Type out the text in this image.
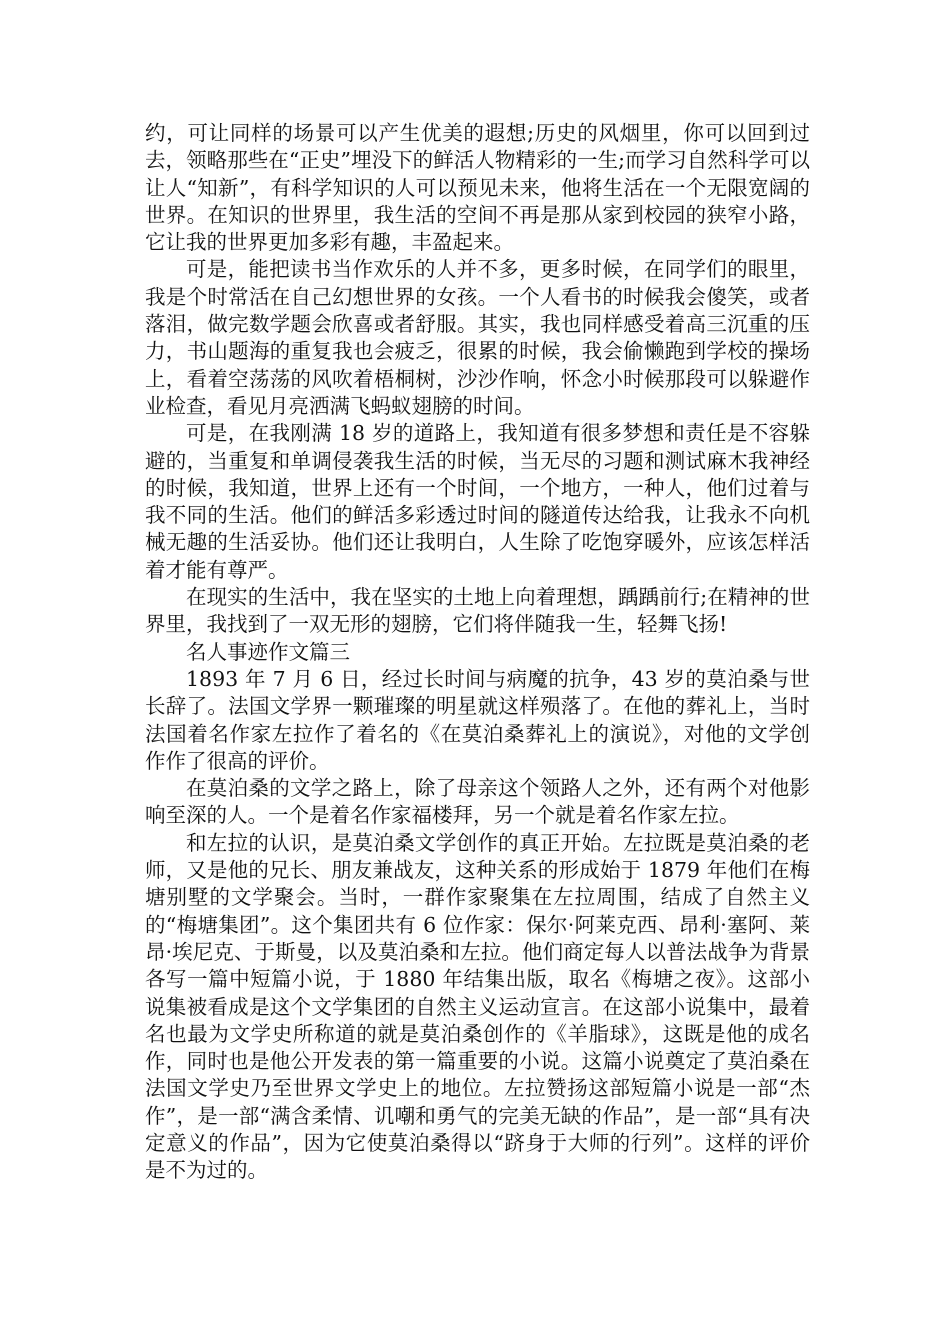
约，可让同样的场景可以产生优美的遐想;历史的风烟里，你可以回到过去，领略那些在“正史”埋没下的鲜活人物精彩的一生;而学习自然科学可以让人“知新”，有科学知识的人可以预见未来，他将生活在一个无限宽阔的世界。在知识的世界里，我生活的空间不再是那从家到校园的狭窄小路，它让我的世界更加多彩有趣，丰盈起来。

可是，能把读书当作欢乐的人并不多，更多时候，在同学们的眼里，我是个时常活在自己幻想世界的女孩。一个人看书的时候我会傻笑，或者落泪，做完数学题会欣喜或者舒服。其实，我也同样感受着高三沉重的压力，书山题海的重复我也会疲乏，很累的时候，我会偷懒跑到学校的操场上，看着空荡荡的风吹着梧桐树，沙沙作响，怀念小时候那段可以躲避作业检查，看见月亮洒满飞蚂蚁翅膀的时间。

可是，在我刚满 18 岁的道路上，我知道有很多梦想和责任是不容躲避的，当重复和单调侵袭我生活的时候，当无尽的习题和测试麻木我神经的时候，我知道，世界上还有一个时间，一个地方，一种人，他们过着与我不同的生活。他们的鲜活多彩透过时间的隧道传达给我，让我永不向机械无趣的生活妥协。他们还让我明白，人生除了吃饱穿暖外，应该怎样活着才能有尊严。

在现实的生活中，我在坚实的土地上向着理想，踽踽前行;在精神的世界里，我找到了一双无形的翅膀，它们将伴随我一生，轻舞飞扬!

名人事迹作文篇三

1893 年 7 月 6 日，经过长时间与病魔的抗争，43 岁的莫泊桑与世长辞了。法国文学界一颗璀璨的明星就这样殒落了。在他的葬礼上，当时法国着名作家左拉作了着名的《在莫泊桑葬礼上的演说》，对他的文学创作作了很高的评价。

在莫泊桑的文学之路上，除了母亲这个领路人之外，还有两个对他影响至深的人。一个是着名作家福楼拜，另一个就是着名作家左拉。

和左拉的认识，是莫泊桑文学创作的真正开始。左拉既是莫泊桑的老师，又是他的兄长、朋友兼战友，这种关系的形成始于 1879 年他们在梅塘别墅的文学聚会。当时，一群作家聚集在左拉周围，结成了自然主义的“梅塘集团”。这个集团共有 6 位作家：保尔·阿莱克西、昂利·塞阿、莱昂·埃尼克、于斯曼，以及莫泊桑和左拉。他们商定每人以普法战争为背景各写一篇中短篇小说，于 1880 年结集出版，取名《梅塘之夜》。这部小说集被看成是这个文学集团的自然主义运动宣言。在这部小说集中，最着名也最为文学史所称道的就是莫泊桑创作的《羊脂球》，这既是他的成名作，同时也是他公开发表的第一篇重要的小说。这篇小说奠定了莫泊桑在法国文学史乃至世界文学史上的地位。左拉赞扬这部短篇小说是一部“杰作”，是一部“满含柔情、讥嘲和勇气的完美无缺的作品”，是一部“具有决定意义的作品”，因为它使莫泊桑得以“跻身于大师的行列”。这样的评价是不为过的。
